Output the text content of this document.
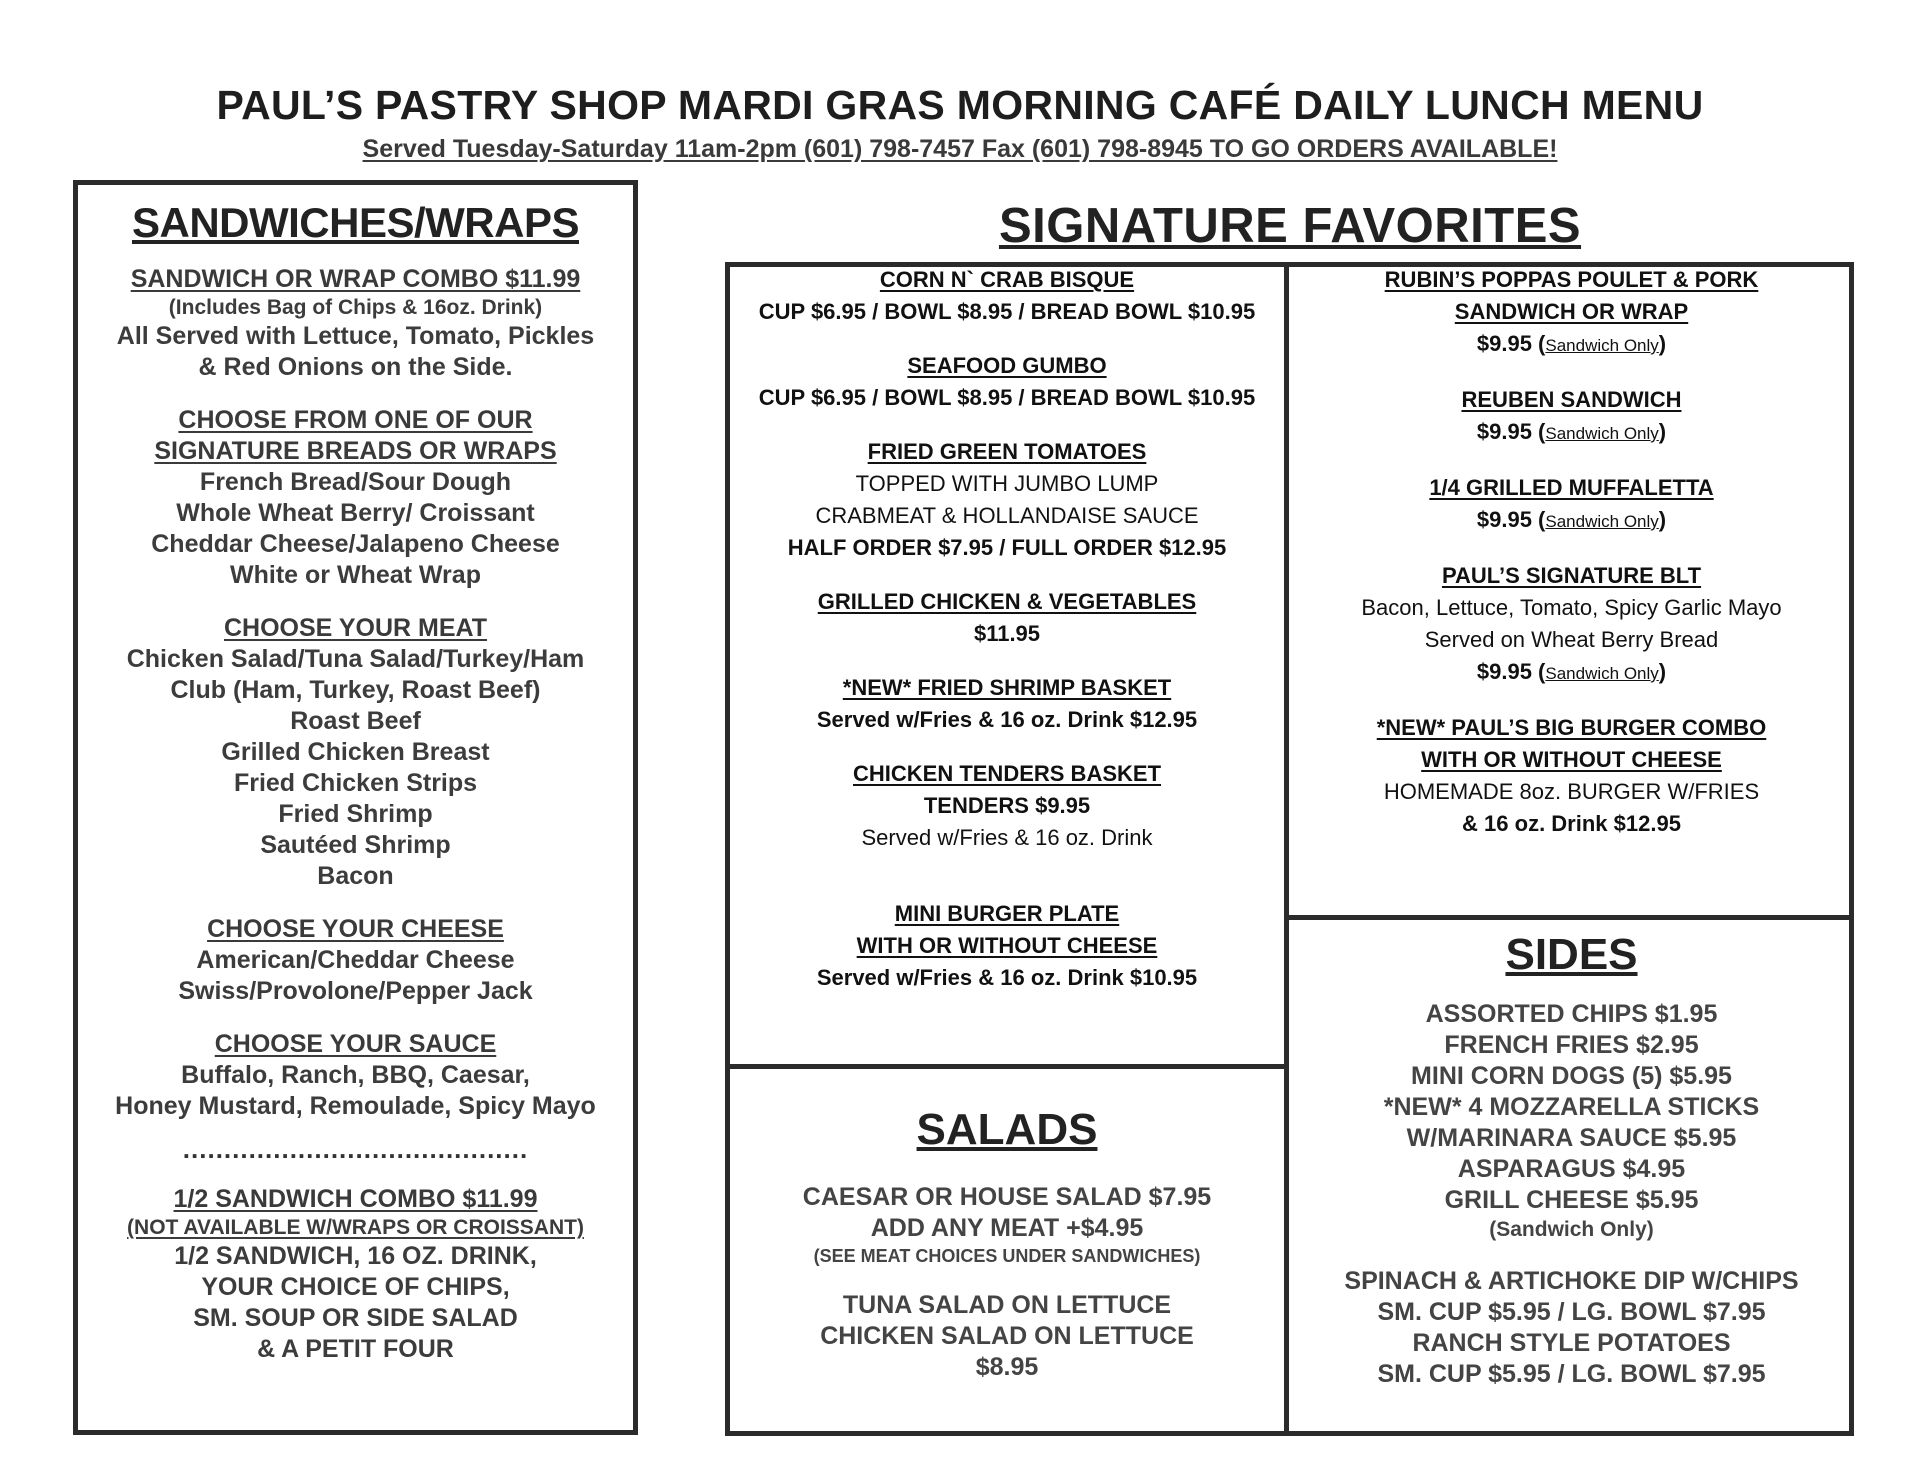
PAUL’S PASTRY SHOP MARDI GRAS MORNING CAFÉ DAILY LUNCH MENU
Served Tuesday-Saturday 11am-2pm (601) 798-7457 Fax (601) 798-8945 TO GO ORDERS AVAILABLE!

SANDWICHES/WRAPS

SANDWICH OR WRAP COMBO $11.99

(Includes Bag of Chips & 16oz. Drink)

All Served with Lettuce, Tomato, Pickles

& Red Onions on the Side.

CHOOSE FROM ONE OF OUR

SIGNATURE BREADS OR WRAPS

French Bread/Sour Dough

Whole Wheat Berry/ Croissant

Cheddar Cheese/Jalapeno Cheese

White or Wheat Wrap

CHOOSE YOUR MEAT

Chicken Salad/Tuna Salad/Turkey/Ham

Club (Ham, Turkey, Roast Beef)

Roast Beef

Grilled Chicken Breast

Fried Chicken Strips

Fried Shrimp

Sautéed Shrimp

Bacon

CHOOSE YOUR CHEESE

American/Cheddar Cheese

Swiss/Provolone/Pepper Jack

CHOOSE YOUR SAUCE

Buffalo, Ranch, BBQ, Caesar,

Honey Mustard, Remoulade, Spicy Mayo

..........................................

1/2 SANDWICH COMBO $11.99

(NOT AVAILABLE W/WRAPS OR CROISSANT)

1/2 SANDWICH, 16 OZ. DRINK,

YOUR CHOICE OF CHIPS,

SM. SOUP OR SIDE SALAD

& A PETIT FOUR

SIGNATURE FAVORITES

CORN N` CRAB BISQUE

CUP $6.95 / BOWL $8.95 / BREAD BOWL $10.95

SEAFOOD GUMBO

CUP $6.95 / BOWL $8.95 / BREAD BOWL $10.95

FRIED GREEN TOMATOES

TOPPED WITH JUMBO LUMP

CRABMEAT & HOLLANDAISE SAUCE

HALF ORDER $7.95 / FULL ORDER $12.95

GRILLED CHICKEN & VEGETABLES

$11.95

*NEW* FRIED SHRIMP BASKET

Served w/Fries & 16 oz. Drink $12.95

CHICKEN TENDERS BASKET

TENDERS $9.95

Served w/Fries & 16 oz. Drink

MINI BURGER PLATE

WITH OR WITHOUT CHEESE

Served w/Fries & 16 oz. Drink $10.95

RUBIN’S POPPAS POULET & PORK

SANDWICH OR WRAP

$9.95 (Sandwich Only)

REUBEN SANDWICH

$9.95 (Sandwich Only)

1/4 GRILLED MUFFALETTA

$9.95 (Sandwich Only)

PAUL’S SIGNATURE BLT

Bacon, Lettuce, Tomato, Spicy Garlic Mayo

Served on Wheat Berry Bread

$9.95 (Sandwich Only)

*NEW* PAUL’S BIG BURGER COMBO

WITH OR WITHOUT CHEESE

HOMEMADE 8oz. BURGER W/FRIES

& 16 oz. Drink $12.95

SALADS

CAESAR OR HOUSE SALAD $7.95

ADD ANY MEAT +$4.95

(SEE MEAT CHOICES UNDER SANDWICHES)

TUNA SALAD ON LETTUCE

CHICKEN SALAD ON LETTUCE

$8.95

SIDES

ASSORTED CHIPS $1.95

FRENCH FRIES $2.95

MINI CORN DOGS (5) $5.95

*NEW* 4 MOZZARELLA STICKS

W/MARINARA SAUCE $5.95

ASPARAGUS $4.95

GRILL CHEESE $5.95

(Sandwich Only)

SPINACH & ARTICHOKE DIP W/CHIPS

SM. CUP $5.95 / LG. BOWL $7.95

RANCH STYLE POTATOES

SM. CUP $5.95 / LG. BOWL $7.95
